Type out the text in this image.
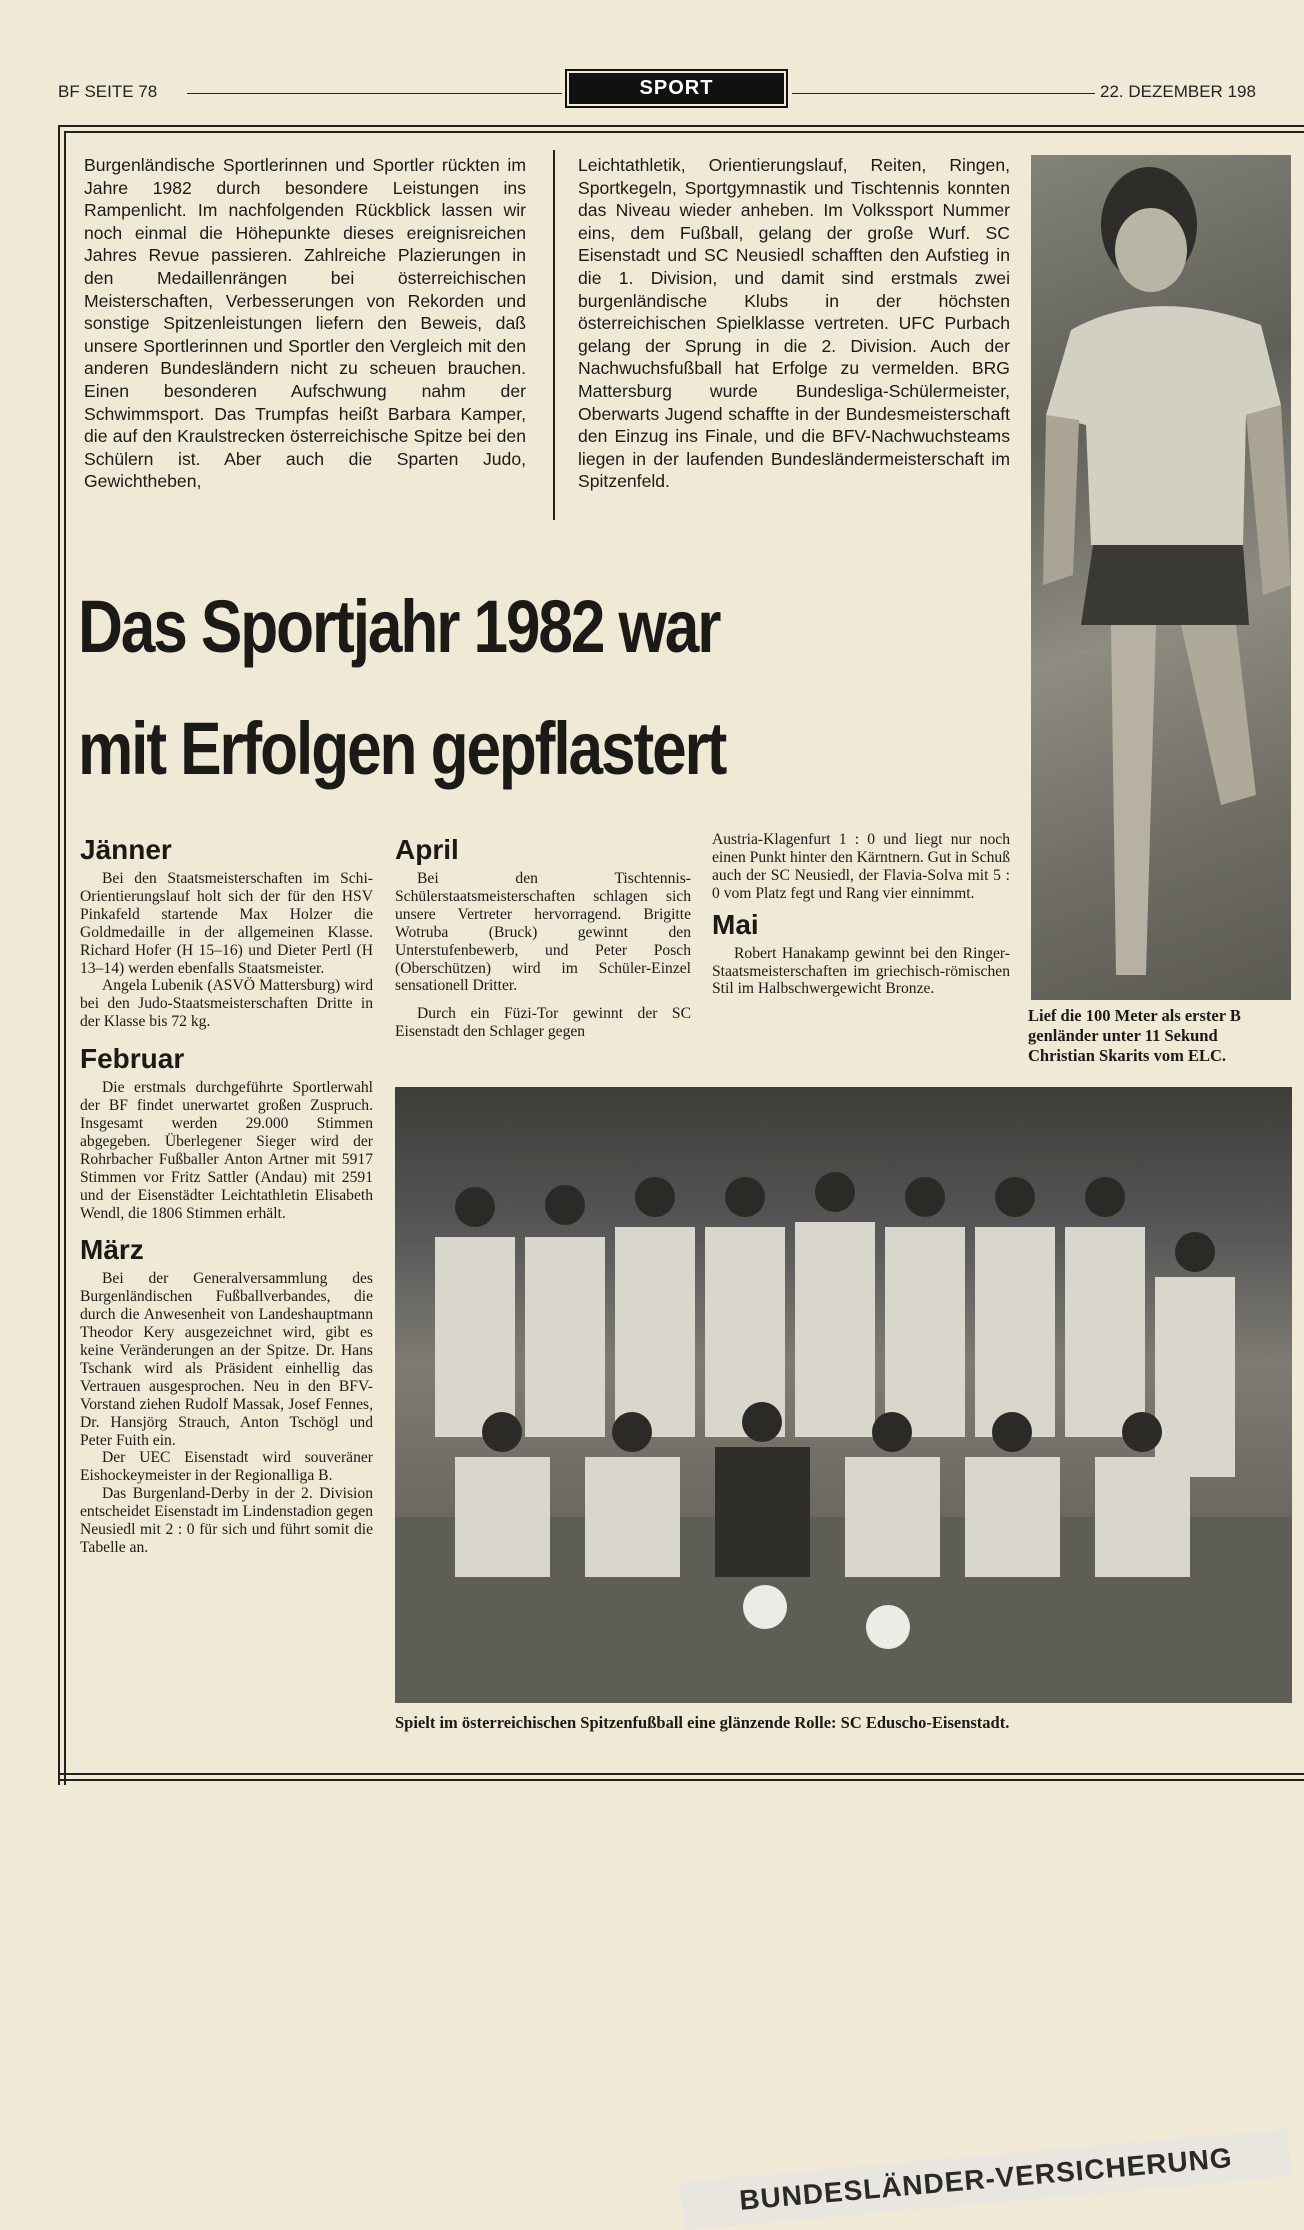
BF SEITE 78	SPORT	22. DEZEMBER 198

Burgenländische Sportlerinnen und Sportler rückten im Jahre 1982 durch besondere Leistungen ins Rampenlicht. Im nachfolgenden Rückblick lassen wir noch einmal die Höhepunkte dieses ereignisreichen Jahres Revue passieren. Zahlreiche Plazierungen in den Medaillenrängen bei österreichischen Meisterschaften, Verbesserungen von Rekorden und sonstige Spitzenleistungen liefern den Beweis, daß unsere Sportlerinnen und Sportler den Vergleich mit den anderen Bundesländern nicht zu scheuen brauchen. Einen besonderen Aufschwung nahm der Schwimmsport. Das Trumpfas heißt Barbara Kamper, die auf den Kraulstrecken österreichische Spitze bei den Schülern ist. Aber auch die Sparten Judo, Gewichtheben,

Leichtathletik, Orientierungslauf, Reiten, Ringen, Sportkegeln, Sportgymnastik und Tischtennis konnten das Niveau wieder anheben. Im Volkssport Nummer eins, dem Fußball, gelang der große Wurf. SC Eisenstadt und SC Neusiedl schafften den Aufstieg in die 1. Division, und damit sind erstmals zwei burgenländische Klubs in der höchsten österreichischen Spielklasse vertreten. UFC Purbach gelang der Sprung in die 2. Division. Auch der Nachwuchsfußball hat Erfolge zu vermelden. BRG Mattersburg wurde Bundesliga-Schülermeister, Oberwarts Jugend schaffte in der Bundesmeisterschaft den Einzug ins Finale, und die BFV-Nachwuchsteams liegen in der laufenden Bundesländermeisterschaft im Spitzenfeld.

Lief die 100 Meter als erster B
genländer unter 11 Sekund
Christian Skarits vom ELC.
Das Sportjahr 1982 war
mit Erfolgen gepflastert
Jänner

Bei den Staatsmeisterschaften im Schi-Orientierungslauf holt sich der für den HSV Pinkafeld startende Max Holzer die Goldmedaille in der allgemeinen Klasse. Richard Hofer (H 15–16) und Dieter Pertl (H 13–14) werden ebenfalls Staatsmeister.

Angela Lubenik (ASVÖ Mattersburg) wird bei den Judo-Staatsmeisterschaften Dritte in der Klasse bis 72 kg.

Februar

Die erstmals durchgeführte Sportlerwahl der BF findet unerwartet großen Zuspruch. Insgesamt werden 29.000 Stimmen abgegeben. Überlegener Sieger wird der Rohrbacher Fußballer Anton Artner mit 5917 Stimmen vor Fritz Sattler (Andau) mit 2591 und der Eisenstädter Leichtathletin Elisabeth Wendl, die 1806 Stimmen erhält.

März

Bei der Generalversammlung des Burgenländischen Fußballverbandes, die durch die Anwesenheit von Landeshauptmann Theodor Kery ausgezeichnet wird, gibt es keine Veränderungen an der Spitze. Dr. Hans Tschank wird als Präsident einhellig das Vertrauen ausgesprochen. Neu in den BFV-Vorstand ziehen Rudolf Massak, Josef Fennes, Dr. Hansjörg Strauch, Anton Tschögl und Peter Fuith ein.

Der UEC Eisenstadt wird souveräner Eishockeymeister in der Regionalliga B.

Das Burgenland-Derby in der 2. Division entscheidet Eisenstadt im Lindenstadion gegen Neusiedl mit 2 : 0 für sich und führt somit die Tabelle an.

April

Bei den Tischtennis-Schülerstaatsmeisterschaften schlagen sich unsere Vertreter hervorragend. Brigitte Wotruba (Bruck) gewinnt den Unterstufenbewerb, und Peter Posch (Oberschützen) wird im Schüler-Einzel sensationell Dritter.

Durch ein Füzi-Tor gewinnt der SC Eisenstadt den Schlager gegen

Austria-Klagenfurt 1 : 0 und liegt nur noch einen Punkt hinter den Kärntnern. Gut in Schuß auch der SC Neusiedl, der Flavia-Solva mit 5 : 0 vom Platz fegt und Rang vier einnimmt.

Mai

Robert Hanakamp gewinnt bei den Ringer-Staatsmeisterschaften im griechisch-römischen Stil im Halbschwergewicht Bronze.

BUNDESLÄNDER-VERSICHERUNG
Spielt im österreichischen Spitzenfußball eine glänzende Rolle: SC Eduscho-Eisenstadt.
